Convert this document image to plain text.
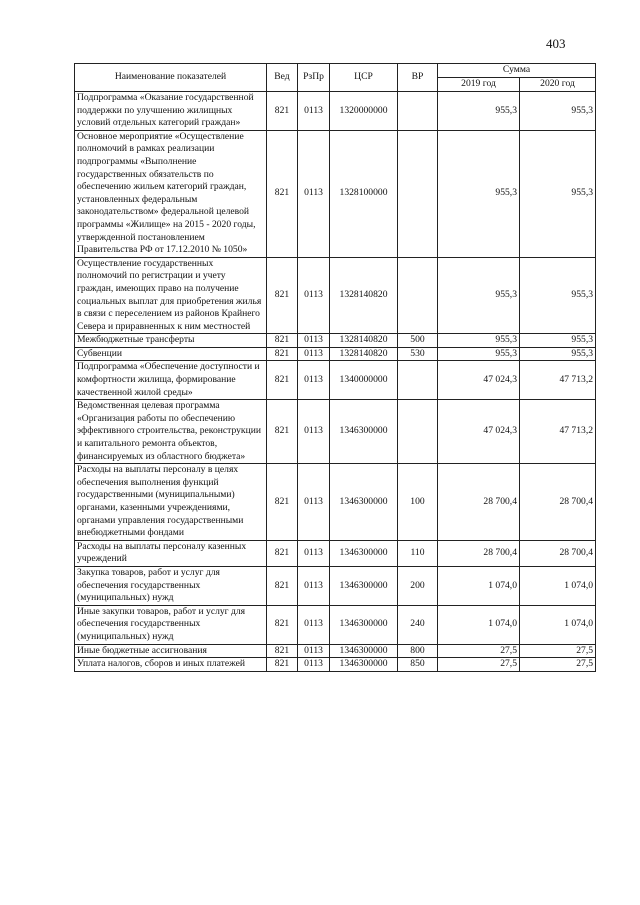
403
Наименование показателей	Вед	РзПр	ЦСР	ВР	Сумма	
					2019 год	2020 год
Подпрограмма «Оказание государственной поддержки по улучшению жилищных условий отдельных категорий граждан»	821	0113	1320000000		955,3	955,3
Основное мероприятие «Осуществление полномочий в рамках реализации подпрограммы «Выполнение государственных обязательств по обеспечению жильем категорий граждан, установленных федеральным законодательством» федеральной целевой программы «Жилище» на 2015 - 2020 годы, утвержденной постановлением Правительства РФ от 17.12.2010 № 1050»	821	0113	1328100000		955,3	955,3
Осуществление государственных полномочий по регистрации и учету граждан, имеющих право на получение социальных выплат для приобретения жилья в связи с переселением из районов Крайнего Севера и приравненных к ним местностей	821	0113	1328140820		955,3	955,3
Межбюджетные трансферты	821	0113	1328140820	500	955,3	955,3
Субвенции	821	0113	1328140820	530	955,3	955,3
Подпрограмма «Обеспечение доступности и комфортности жилища, формирование качественной жилой среды»	821	0113	1340000000		47 024,3	47 713,2
Ведомственная целевая программа «Организация работы по обеспечению эффективного строительства, реконструкции и капитального ремонта объектов, финансируемых из областного бюджета»	821	0113	1346300000		47 024,3	47 713,2
Расходы на выплаты персоналу в целях обеспечения выполнения функций государственными (муниципальными) органами, казенными учреждениями, органами управления государственными внебюджетными фондами	821	0113	1346300000	100	28 700,4	28 700,4
Расходы на выплаты персоналу казенных учреждений	821	0113	1346300000	110	28 700,4	28 700,4
Закупка товаров, работ и услуг для обеспечения государственных (муниципальных) нужд	821	0113	1346300000	200	1 074,0	1 074,0
Иные закупки товаров, работ и услуг для обеспечения государственных (муниципальных) нужд	821	0113	1346300000	240	1 074,0	1 074,0
Иные бюджетные ассигнования	821	0113	1346300000	800	27,5	27,5
Уплата налогов, сборов и иных платежей	821	0113	1346300000	850	27,5	27,5
